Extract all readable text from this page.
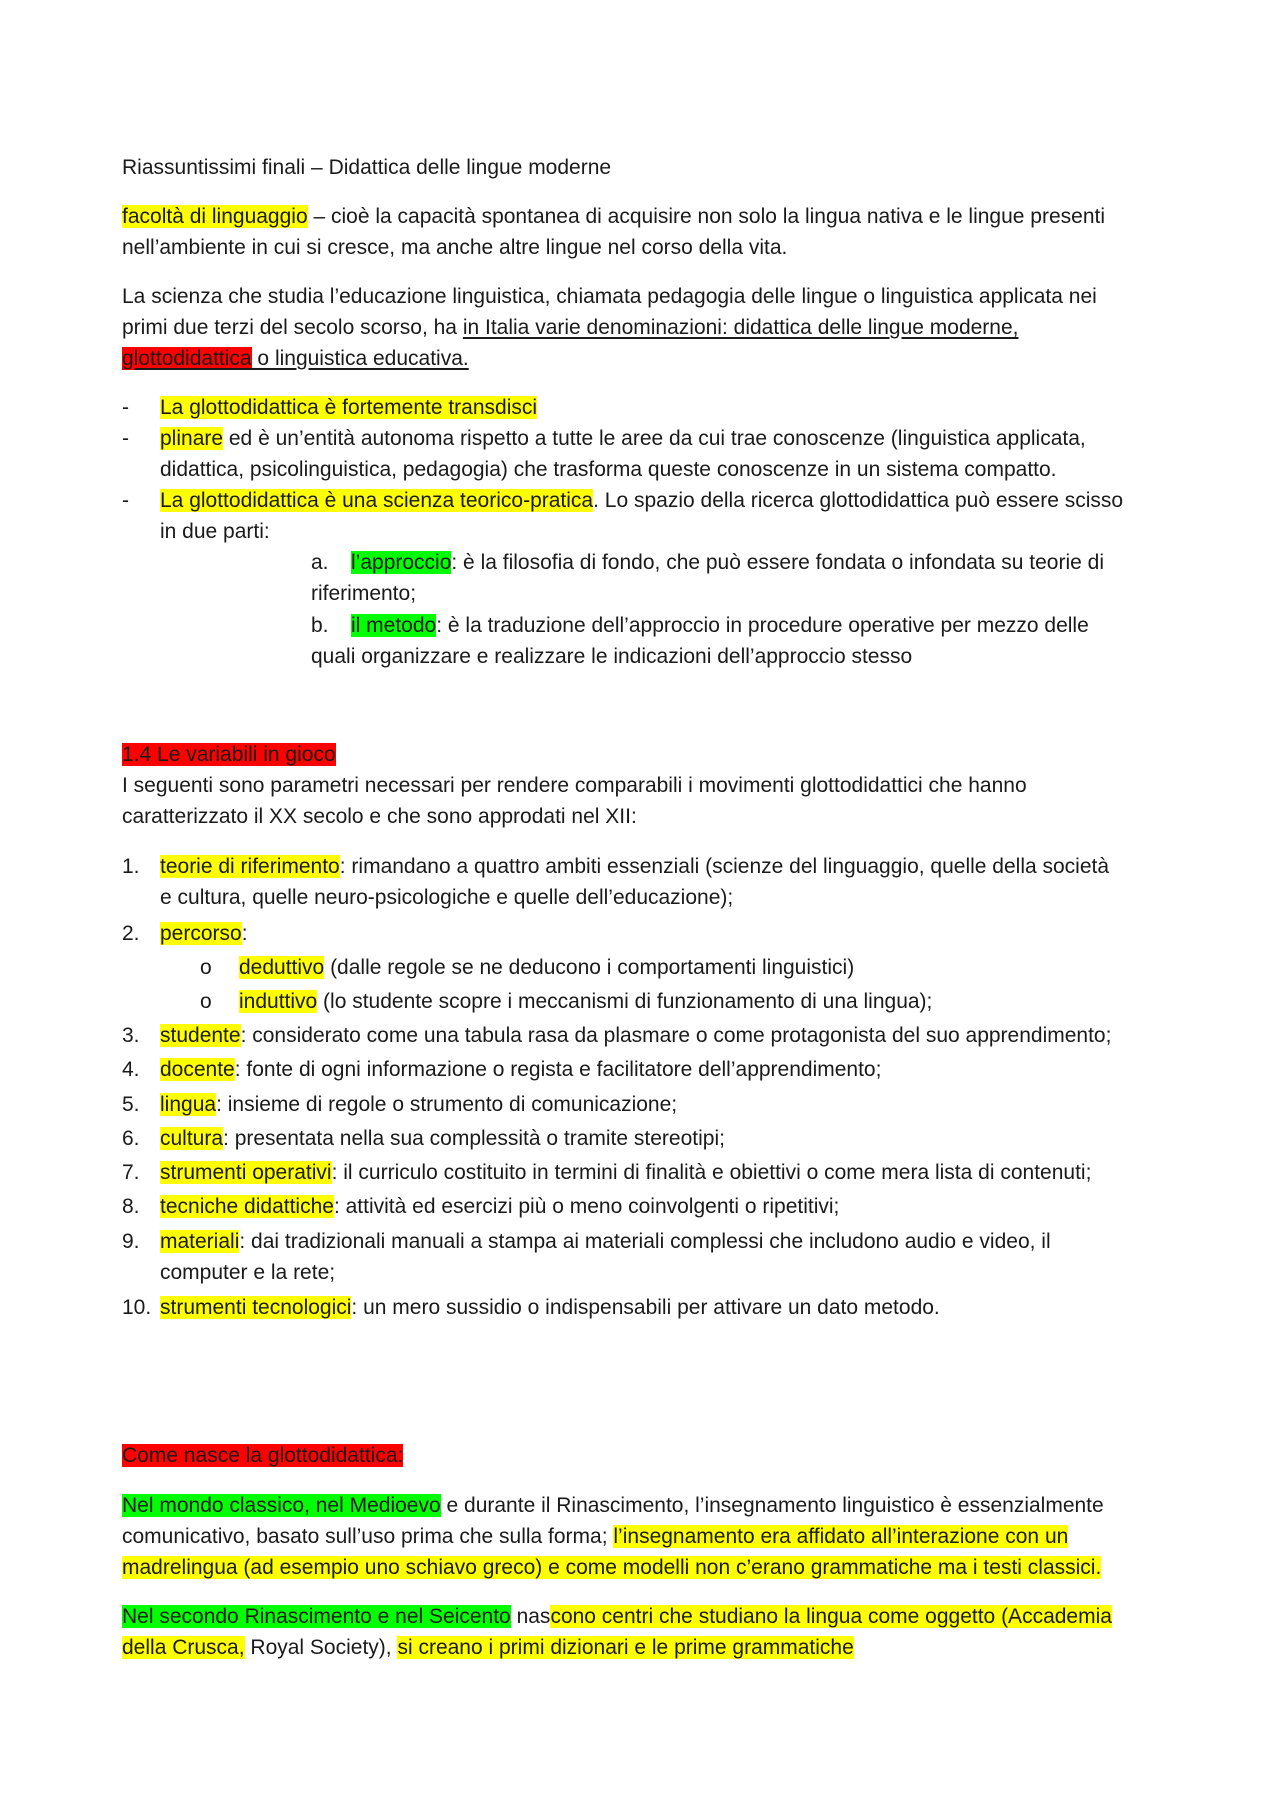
Riassuntissimi finali – Didattica delle lingue moderne
facoltà di linguaggio – cioè la capacità spontanea di acquisire non solo la lingua nativa e le lingue presenti
nell’ambiente in cui si cresce, ma anche altre lingue nel corso della vita.
La scienza che studia l’educazione linguistica, chiamata pedagogia delle lingue o linguistica applicata nei
primi due terzi del secolo scorso, ha in Italia varie denominazioni: didattica delle lingue moderne,
glottodidattica o linguistica educativa.
- La glottodidattica è fortemente transdisci
- plinare ed è un’entità autonoma rispetto a tutte le aree da cui trae conoscenze (linguistica applicata,
didattica, psicolinguistica, pedagogia) che trasforma queste conoscenze in un sistema compatto.
- La glottodidattica è una scienza teorico-pratica. Lo spazio della ricerca glottodidattica può essere scisso
in due parti:
a. l’approccio: è la filosofia di fondo, che può essere fondata o infondata su teorie di
riferimento;
b. il metodo: è la traduzione dell’approccio in procedure operative per mezzo delle
quali organizzare e realizzare le indicazioni dell’approccio stesso
1.4 Le variabili in gioco
I seguenti sono parametri necessari per rendere comparabili i movimenti glottodidattici che hanno
caratterizzato il XX secolo e che sono approdati nel XII:
1. teorie di riferimento: rimandano a quattro ambiti essenziali (scienze del linguaggio, quelle della società
e cultura, quelle neuro-psicologiche e quelle dell’educazione);
2. percorso:
o deduttivo (dalle regole se ne deducono i comportamenti linguistici)
o induttivo (lo studente scopre i meccanismi di funzionamento di una lingua);
3. studente: considerato come una tabula rasa da plasmare o come protagonista del suo apprendimento;
4. docente: fonte di ogni informazione o regista e facilitatore dell’apprendimento;
5. lingua: insieme di regole o strumento di comunicazione;
6. cultura: presentata nella sua complessità o tramite stereotipi;
7. strumenti operativi: il curriculo costituito in termini di finalità e obiettivi o come mera lista di contenuti;
8. tecniche didattiche: attività ed esercizi più o meno coinvolgenti o ripetitivi;
9. materiali: dai tradizionali manuali a stampa ai materiali complessi che includono audio e video, il
computer e la rete;
10. strumenti tecnologici: un mero sussidio o indispensabili per attivare un dato metodo.
Come nasce la glottodidattica:
Nel mondo classico, nel Medioevo e durante il Rinascimento, l’insegnamento linguistico è essenzialmente
comunicativo, basato sull’uso prima che sulla forma; l’insegnamento era affidato all’interazione con un
madrelingua (ad esempio uno schiavo greco) e come modelli non c’erano grammatiche ma i testi classici.
Nel secondo Rinascimento e nel Seicento nascono centri che studiano la lingua come oggetto (Accademia
della Crusca, Royal Society), si creano i primi dizionari e le prime grammatiche
